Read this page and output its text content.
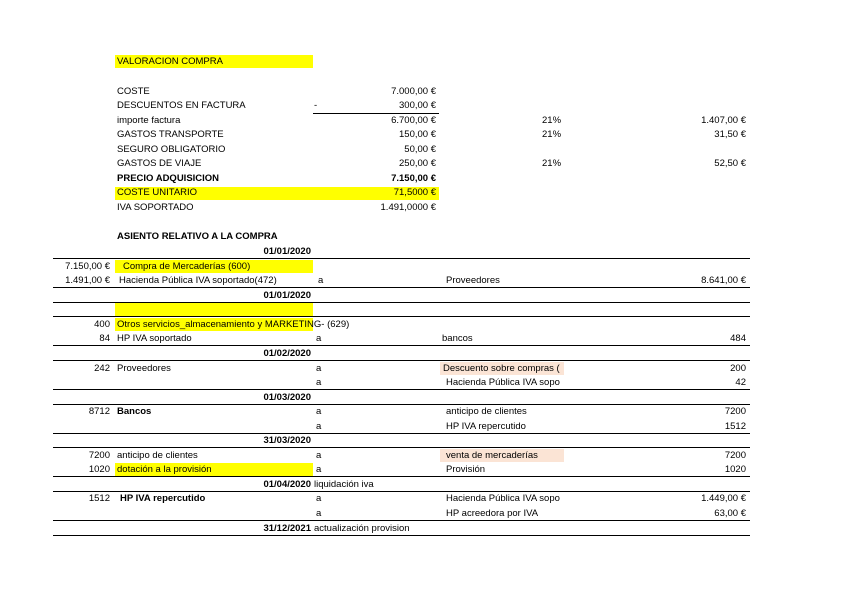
VALORACION COMPRA
COSTE	7.000,00 €
DESCUENTOS EN FACTURA	-	300,00 €
importe factura	6.700,00 €	21%	1.407,00 €
GASTOS TRANSPORTE	150,00 €	21%	31,50 €
SEGURO OBLIGATORIO	50,00 €
GASTOS DE VIAJE	250,00 €	21%	52,50 €
PRECIO ADQUISICION	7.150,00 €
COSTE UNITARIO	71,5000 €
IVA SOPORTADO	1.491,0000 €
ASIENTO RELATIVO A LA COMPRA
01/01/2020
7.150,00 € Compra de Mercaderías (600)
1.491,00 € Hacienda Pública IVA soportado(472)	a	Proveedores	8.641,00 €
01/01/2020
400 Otros servicios_almacenamiento y MARKETING- (629)
84 HP IVA soportado	a	bancos	484
01/02/2020
242 Proveedores	a	Descuento sobre compras (	200
a	Hacienda Pública IVA sopo	42
01/03/2020
8712 Bancos	a	anticipo de clientes	7200
a	HP IVA repercutido	1512
31/03/2020
7200 anticipo de clientes	a	venta de mercaderías	7200
1020 dotación a la provisión	a	Provisión	1020
01/04/2020 liquidación iva
1512 HP IVA repercutido	a	Hacienda Pública IVA sopo	1.449,00 €
a	HP acreedora por IVA	63,00 €
31/12/2021 actualización provision
